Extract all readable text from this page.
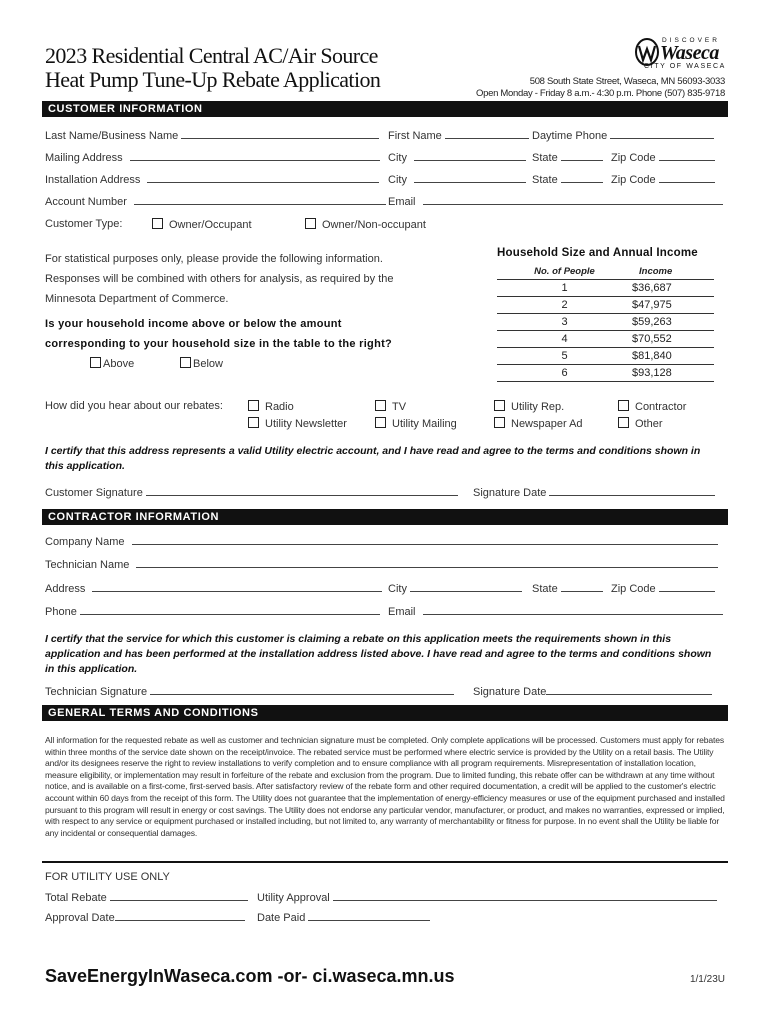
2023 Residential Central AC/Air Source
Heat Pump Tune-Up Rebate Application
DISCOVER
Waseca
CITY OF WASECA
508 South State Street, Waseca, MN 56093-3033
Open Monday - Friday 8 a.m.- 4:30 p.m. Phone (507) 835-9718
CUSTOMER INFORMATION
Last Name/Business Name	First Name	Daytime Phone
Mailing Address	City	State	Zip Code
Installation Address	City	State	Zip Code
Account Number	Email
Customer Type:	Owner/Occupant	Owner/Non-occupant
For statistical purposes only, please provide the following information.
Responses will be combined with others for analysis, as required by the
Minnesota Department of Commerce.
Is your household income above or below the amount
corresponding to your household size in the table to the right?
Above	Below
Household Size and Annual Income
No. of People	Income
1	$36,687
2	$47,975
3	$59,263
4	$70,552
5	$81,840
6	$93,128
How did you hear about our rebates:	Radio	TV	Utility Rep.	Contractor
Utility Newsletter	Utility Mailing	Newspaper Ad	Other
I certify that this address represents a valid Utility electric account, and I have read and agree to the terms and conditions shown in
this application.
Customer Signature	Signature Date
CONTRACTOR INFORMATION
Company Name
Technician Name
Address	City	State	Zip Code
Phone	Email
I certify that the service for which this customer is claiming a rebate on this application meets the requirements shown in this
application and has been performed at the installation address listed above. I have read and agree to the terms and conditions shown
in this application.
Technician Signature	Signature Date
GENERAL TERMS AND CONDITIONS
All information for the requested rebate as well as customer and technician signature must be completed. Only complete applications will be processed. Customers must apply for rebates within three months of the service date shown on the receipt/invoice. The rebated service must be performed where electric service is provided by the Utility on a retail basis. The Utility and/or its designees reserve the right to review installations to verify completion and to ensure compliance with all program requirements. Misrepresentation of installation location, measure eligibility, or implementation may result in forfeiture of the rebate and exclusion from the program. Due to limited funding, this rebate offer can be withdrawn at any time without notice, and is available on a first-come, first-served basis. After satisfactory review of the rebate form and other required documentation, a credit will be applied to the customer's electric account within 60 days from the receipt of this form. The Utility does not guarantee that the implementation of energy-efficiency measures or use of the equipment purchased and installed pursuant to this program will result in energy or cost savings. The Utility does not endorse any particular vendor, manufacturer, or product, and makes no warranties, expressed or implied, with respect to any service or equipment purchased or installed including, but not limited to, any warranty of merchantability or fitness for purpose. In no event shall the Utility be liable for any incidental or consequential damages.
FOR UTILITY USE ONLY
Total Rebate	Utility Approval
Approval Date	Date Paid
SaveEnergyInWaseca.com -or- ci.waseca.mn.us	1/1/23U
